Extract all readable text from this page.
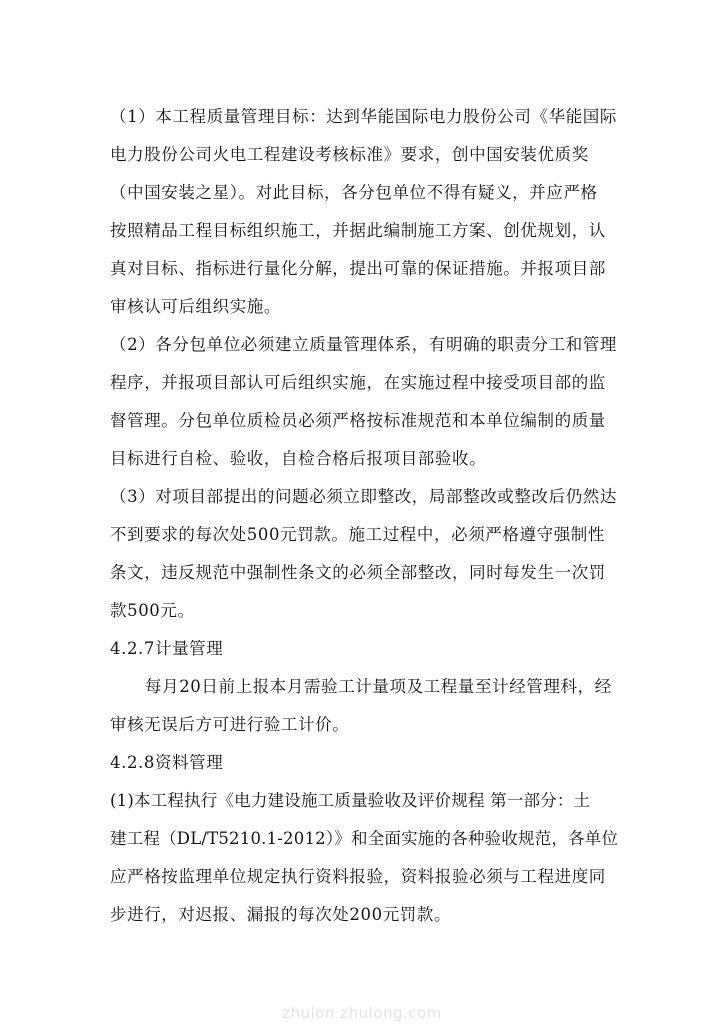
（1）本工程质量管理目标：达到华能国际电力股份公司《华能国际
电力股份公司火电工程建设考核标准》要求，创中国安装优质奖
（中国安装之星）。对此目标，各分包单位不得有疑义，并应严格
按照精品工程目标组织施工，并据此编制施工方案、创优规划，认
真对目标、指标进行量化分解，提出可靠的保证措施。并报项目部
审核认可后组织实施。
（2）各分包单位必须建立质量管理体系，有明确的职责分工和管理
程序，并报项目部认可后组织实施，在实施过程中接受项目部的监
督管理。分包单位质检员必须严格按标准规范和本单位编制的质量
目标进行自检、验收，自检合格后报项目部验收。
（3）对项目部提出的问题必须立即整改，局部整改或整改后仍然达
不到要求的每次处500元罚款。施工过程中，必须严格遵守强制性
条文，违反规范中强制性条文的必须全部整改，同时每发生一次罚
款500元。
4.2.7计量管理
每月20日前上报本月需验工计量项及工程量至计经管理科，经
审核无误后方可进行验工计价。
4.2.8资料管理
(1)本工程执行《电力建设施工质量验收及评价规程 第一部分：土
建工程（DL/T5210.1-2012）》和全面实施的各种验收规范，各单位
应严格按监理单位规定执行资料报验，资料报验必须与工程进度同
步进行，对迟报、漏报的每次处200元罚款。
zhulon zhulong.com
